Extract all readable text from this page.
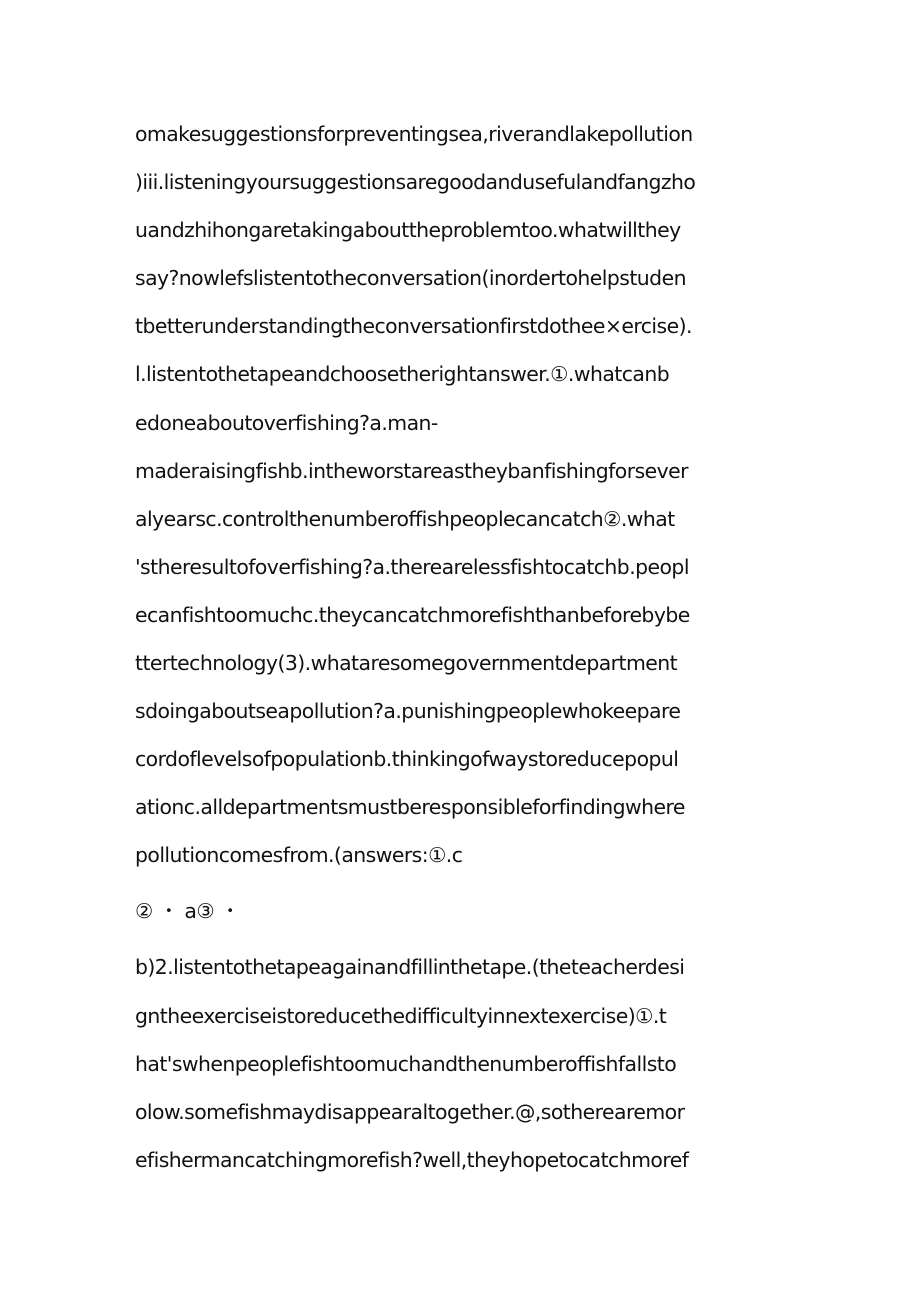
omakesuggestionsforpreventingsea,riverandlakepollution
)iii.listeningyoursuggestionsaregoodandusefulandfangzho
uandzhihongaretakingabouttheproblemtoo.whatwillthey
say?nowlefslistentotheconversation(inordertohelpstuden
tbetterunderstandingtheconversationfirstdothee×ercise).
l.listentothetapeandchoosetherightanswer.①.whatcanb
edoneaboutoverfishing?a.man-
maderaisingfishb.intheworstareastheybanfishingforsever
alyearsc.controlthenumberoffishpeoplecancatch②.what
'stheresultofoverfishing?a.therearelessfishtocatchb.peopl
ecanfishtoomuchc.theycancatchmorefishthanbeforebybe
ttertechnology(3).whataresomegovernmentdepartment
sdoingaboutseapollution?a.punishingpeoplewhokeepare
cordoflevelsofpopulationb.thinkingofwaystoreducepopul
ationc.alldepartmentsmustberesponsibleforfindingwhere
pollutioncomesfrom.(answers:①.c
② ・ a③ ・
b)2.listentothetapeagainandfillinthetape.(theteacherdesi
gntheexerciseistoreducethedifficultyinnextexercise)①.t
hat'swhenpeoplefishtoomuchandthenumberoffishfallsto
olow.somefishmaydisappearaltogether.@,sotherearemor
efishermancatchingmorefish?well,theyhopetocatchmoref
